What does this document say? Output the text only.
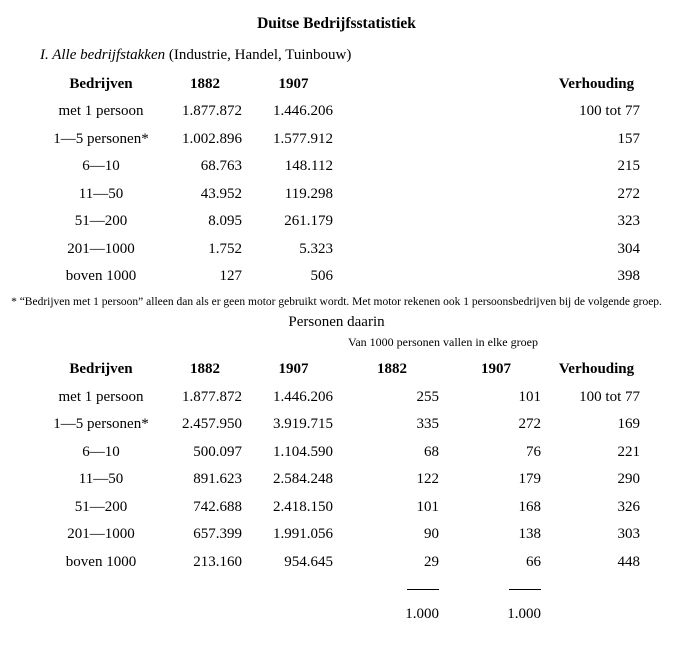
Duitse Bedrijfsstatistiek

I. Alle bedrijfstakken (Industrie, Handel, Tuinbouw)

Bedrijven	1882	1907			Verhouding
met 1 persoon	1.877.872	1.446.206			100 tot 77
1—5 personen*	1.002.896	1.577.912			157
6—10	68.763	148.112			215
11—50	43.952	119.298			272
51—200	8.095	261.179			323
201—1000	1.752	5.323			304
boven 1000	127	506			398

* “Bedrijven met 1 persoon” alleen dan als er geen motor gebruikt wordt. Met motor rekenen ook 1 persoonsbedrijven bij de volgende groep.

Personen daarin

Van 1000 personen vallen in elke groep
Bedrijven	1882	1907	1882	1907	Verhouding
met 1 persoon	1.877.872	1.446.206	255	101	100 tot 77
1—5 personen*	2.457.950	3.919.715	335	272	169
6—10	500.097	1.104.590	68	76	221
11—50	891.623	2.584.248	122	179	290
51—200	742.688	2.418.150	101	168	326
201—1000	657.399	1.991.056	90	138	303
boven 1000	213.160	954.645	29	66	448

			1.000	1.000	
